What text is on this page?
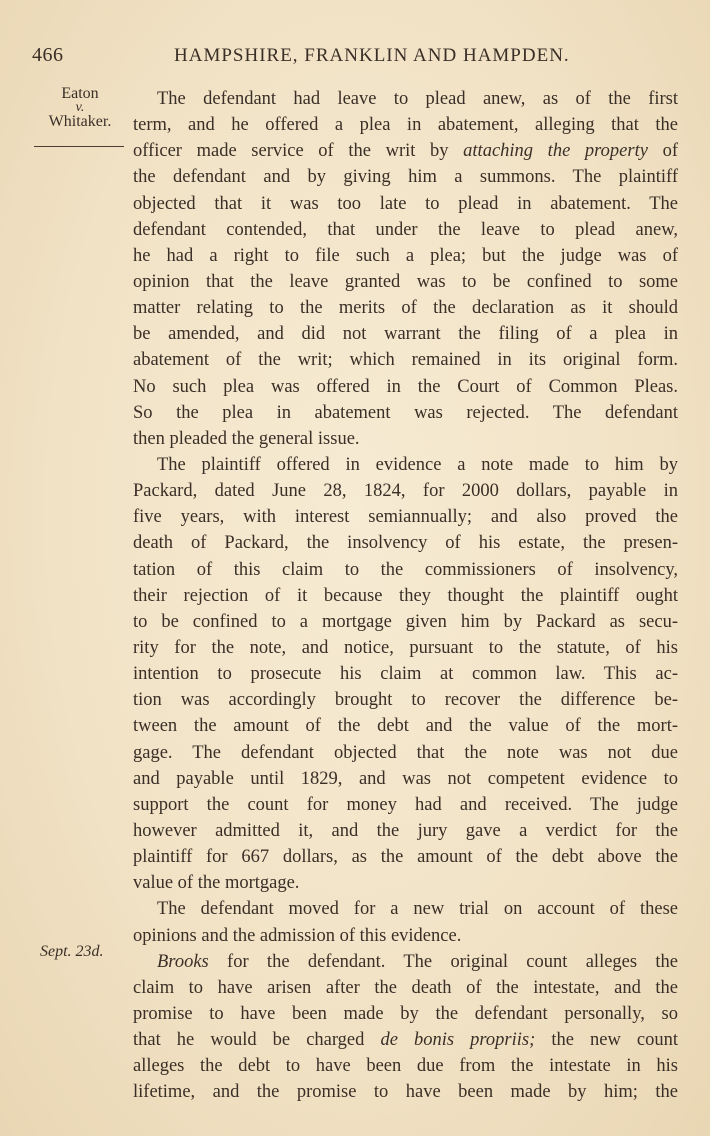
466	HAMPSHIRE, FRANKLIN AND HAMPDEN.
Eaton
v.
Whitaker.
Sept. 23d.
The defendant had leave to plead anew, as of the first
term, and he offered a plea in abatement, alleging that the
officer made service of the writ by attaching the property of
the defendant and by giving him a summons. The plaintiff
objected that it was too late to plead in abatement. The
defendant contended, that under the leave to plead anew,
he had a right to file such a plea; but the judge was of
opinion that the leave granted was to be confined to some
matter relating to the merits of the declaration as it should
be amended, and did not warrant the filing of a plea in
abatement of the writ; which remained in its original form.
No such plea was offered in the Court of Common Pleas.
So the plea in abatement was rejected. The defendant
then pleaded the general issue.
The plaintiff offered in evidence a note made to him by
Packard, dated June 28, 1824, for 2000 dollars, payable in
five years, with interest semiannually; and also proved the
death of Packard, the insolvency of his estate, the presen-
tation of this claim to the commissioners of insolvency,
their rejection of it because they thought the plaintiff ought
to be confined to a mortgage given him by Packard as secu-
rity for the note, and notice, pursuant to the statute, of his
intention to prosecute his claim at common law. This ac-
tion was accordingly brought to recover the difference be-
tween the amount of the debt and the value of the mort-
gage. The defendant objected that the note was not due
and payable until 1829, and was not competent evidence to
support the count for money had and received. The judge
however admitted it, and the jury gave a verdict for the
plaintiff for 667 dollars, as the amount of the debt above the
value of the mortgage.
The defendant moved for a new trial on account of these
opinions and the admission of this evidence.
Brooks for the defendant. The original count alleges the
claim to have arisen after the death of the intestate, and the
promise to have been made by the defendant personally, so
that he would be charged de bonis propriis; the new count
alleges the debt to have been due from the intestate in his
lifetime, and the promise to have been made by him; the
